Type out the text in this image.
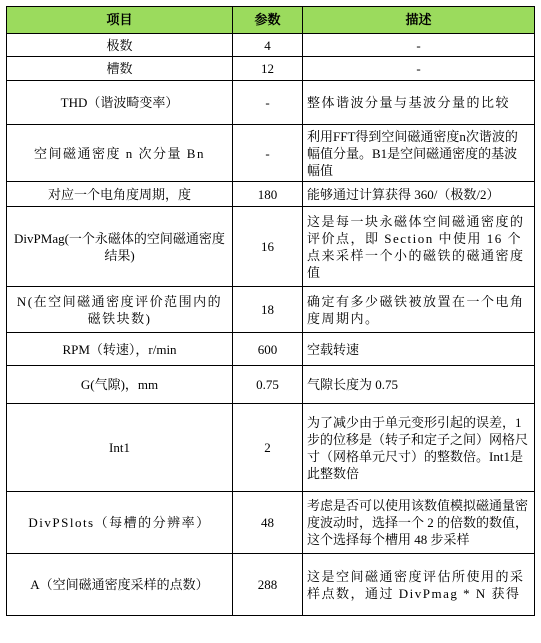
项目	参数	描述
极数	4	-
槽数	12	-
THD（谐波畸变率）	-	整体谐波分量与基波分量的比较
空间磁通密度 n 次分量 Bn	-	利用FFT得到空间磁通密度n次谐波的幅值分量。B1是空间磁通密度的基波幅值
对应一个电角度周期，度	180	能够通过计算获得 360/（极数/2）
DivPMag(一个永磁体的空间磁通密度结果)	16	这是每一块永磁体空间磁通密度的评价点，即 Section 中使用 16 个点来采样一个小的磁铁的磁通密度值
N(在空间磁通密度评价范围内的磁铁块数)	18	确定有多少磁铁被放置在一个电角度周期内。
RPM（转速），r/min	600	空载转速
G(气隙)，mm	0.75	气隙长度为 0.75
Int1	2	为了减少由于单元变形引起的误差，1步的位移是（转子和定子之间）网格尺寸（网格单元尺寸）的整数倍。Int1是此整数倍
DivPSlots（每槽的分辨率）	48	考虑是否可以使用该数值模拟磁通量密度波动时，选择一个 2 的倍数的数值，这个选择每个槽用 48 步采样
A（空间磁通密度采样的点数）	288	这是空间磁通密度评估所使用的采样点数，通过 DivPmag * N 获得
